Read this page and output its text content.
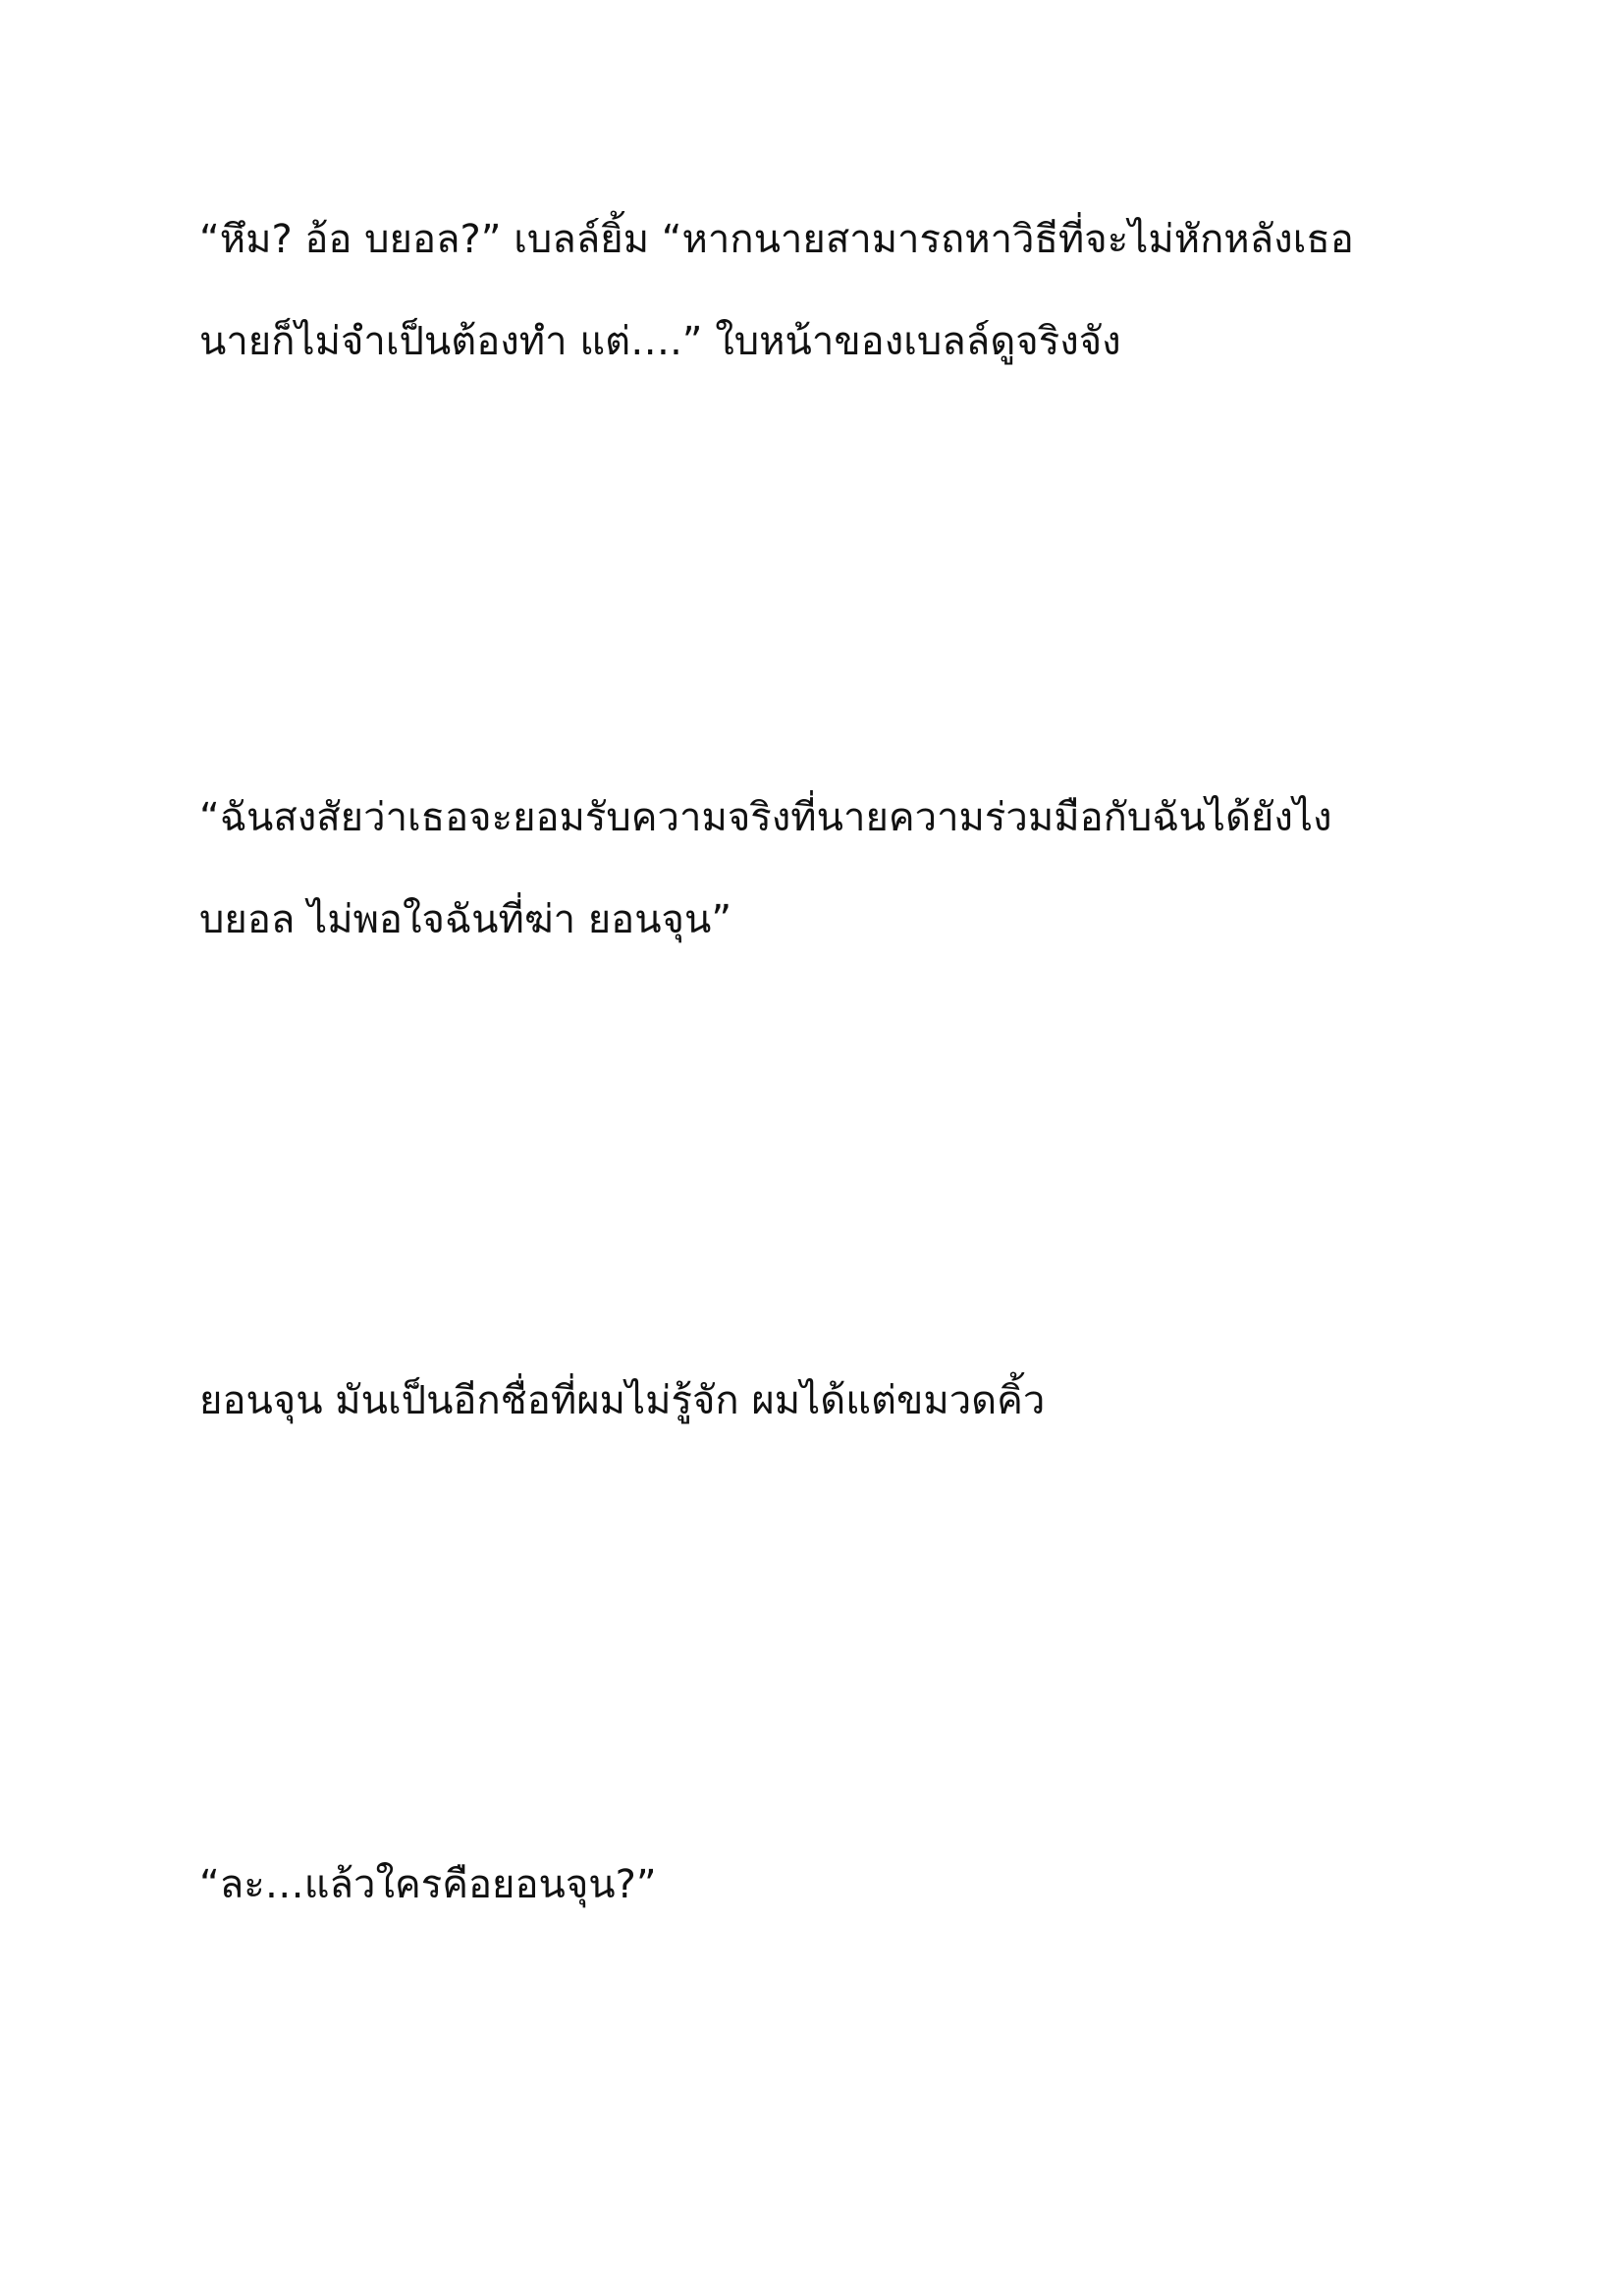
“หึม? อ้อ บยอล?” เบลล์ยิ้ม “หากนายสามารถหาวิธีที่จะไม่หักหลังเธอ
นายก็ไม่จำเป็นต้องทำ แต่….” ใบหน้าของเบลล์ดูจริงจัง
“ฉันสงสัยว่าเธอจะยอมรับความจริงที่นายความร่วมมือกับฉันได้ยังไง
บยอล ไม่พอใจฉันที่ฆ่า ยอนจุน”
ยอนจุน มันเป็นอีกชื่อที่ผมไม่รู้จัก ผมได้แต่ขมวดคิ้ว
“ละ…แล้วใครคือยอนจุน?”
